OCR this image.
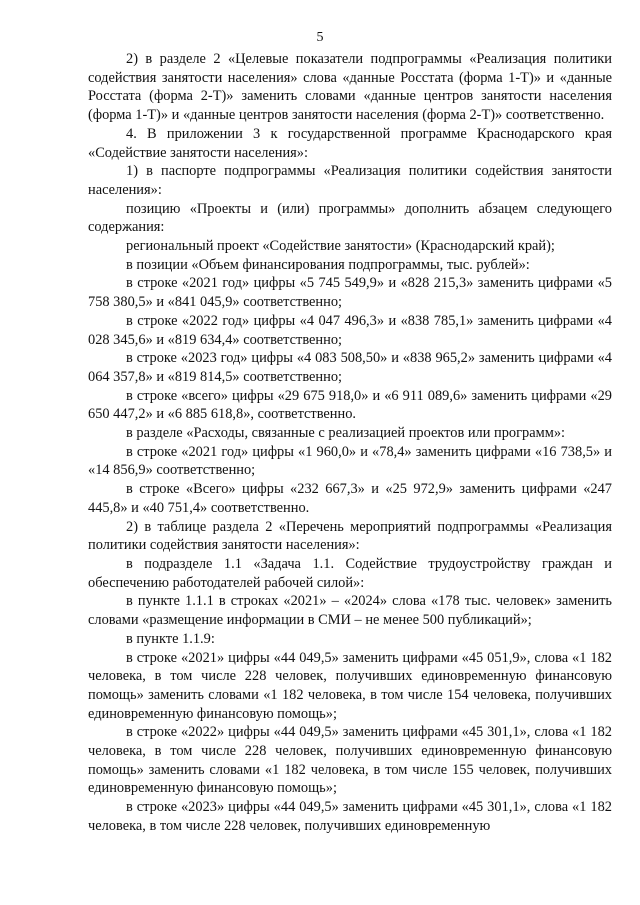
5

2) в разделе 2 «Целевые показатели подпрограммы «Реализация политики содействия занятости населения» слова «данные Росстата (форма 1-Т)» и «данные Росстата (форма 2-Т)» заменить словами «данные центров занятости населения (форма 1-Т)» и «данные центров занятости населения (форма 2-Т)» соответственно.

4. В приложении 3 к государственной программе Краснодарского края «Содействие занятости населения»:

1) в паспорте подпрограммы «Реализация политики содействия занятости населения»:

позицию «Проекты и (или) программы» дополнить абзацем следующего содержания:

региональный проект «Содействие занятости» (Краснодарский край);

в позиции «Объем финансирования подпрограммы, тыс. рублей»:

в строке «2021 год» цифры «5 745 549,9» и «828 215,3» заменить цифрами «5 758 380,5» и «841 045,9» соответственно;

в строке «2022 год» цифры «4 047 496,3» и «838 785,1» заменить цифрами «4 028 345,6» и «819 634,4» соответственно;

в строке «2023 год» цифры «4 083 508,50» и «838 965,2» заменить цифрами «4 064 357,8» и «819 814,5» соответственно;

в строке «всего» цифры «29 675 918,0» и «6 911 089,6» заменить цифрами «29 650 447,2» и «6 885 618,8», соответственно.

в разделе «Расходы, связанные с реализацией проектов или программ»:

в строке «2021 год» цифры «1 960,0» и «78,4» заменить цифрами «16 738,5» и «14 856,9» соответственно;

в строке «Всего» цифры «232 667,3» и «25 972,9» заменить цифрами «247 445,8» и «40 751,4» соответственно.

2) в таблице раздела 2 «Перечень мероприятий подпрограммы «Реализация политики содействия занятости населения»:

в подразделе 1.1 «Задача 1.1. Содействие трудоустройству граждан и обеспечению работодателей рабочей силой»:

в пункте 1.1.1 в строках «2021» – «2024» слова «178 тыс. человек» заменить словами «размещение информации в СМИ – не менее 500 публикаций»;

в пункте 1.1.9:

в строке «2021» цифры «44 049,5» заменить цифрами «45 051,9», слова «1 182 человека, в том числе 228 человек, получивших единовременную финансовую помощь» заменить словами «1 182 человека, в том числе 154 человека, получивших единовременную финансовую помощь»;

в строке «2022» цифры «44 049,5» заменить цифрами «45 301,1», слова «1 182 человека, в том числе 228 человек, получивших единовременную финансовую помощь» заменить словами «1 182 человека, в том числе 155 человек, получивших единовременную финансовую помощь»;

в строке «2023» цифры «44 049,5» заменить цифрами «45 301,1», слова «1 182 человека, в том числе 228 человек, получивших единовременную
